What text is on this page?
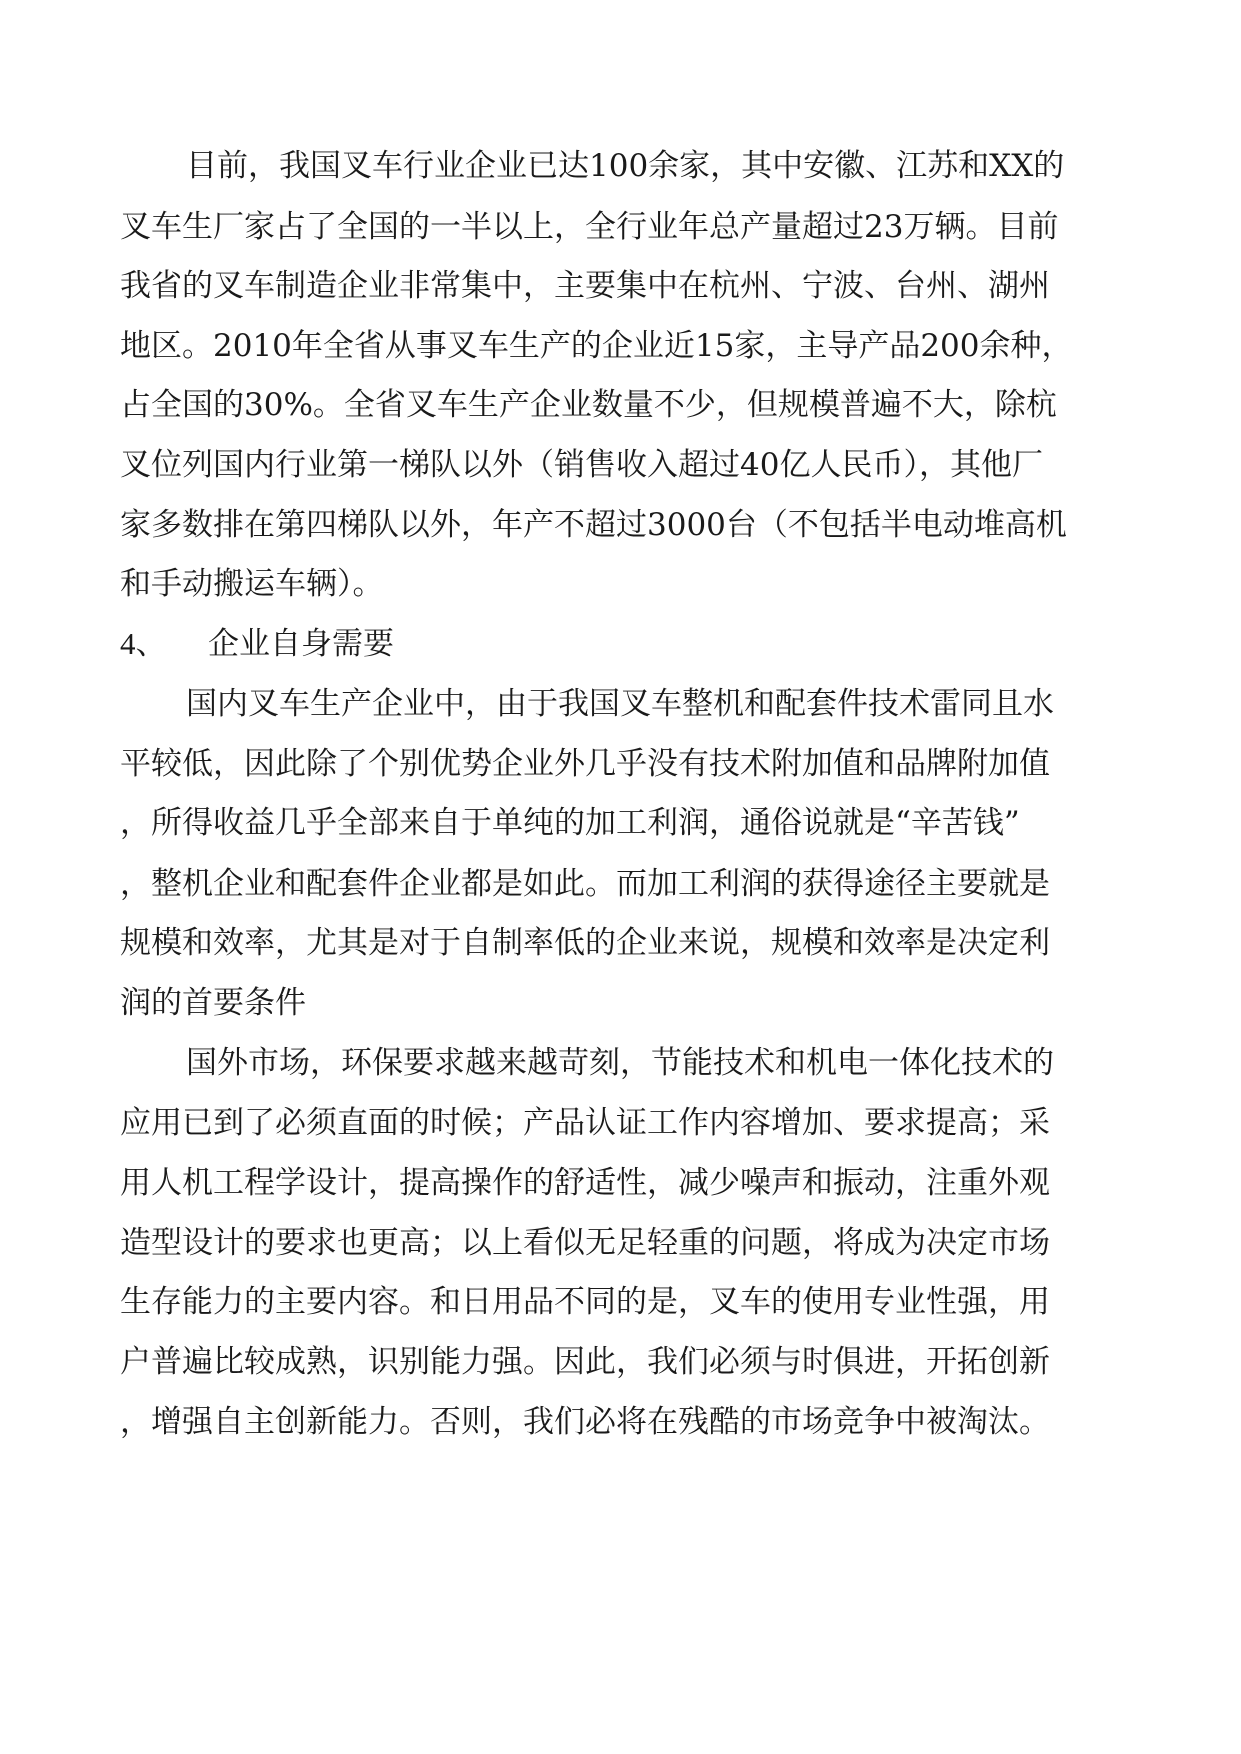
目前，我国叉车行业企业已达100余家，其中安徽、江苏和XX的
叉车生厂家占了全国的一半以上，全行业年总产量超过23万辆。目前
我省的叉车制造企业非常集中，主要集中在杭州、宁波、台州、湖州
地区。2010年全省从事叉车生产的企业近15家，主导产品200余种，
占全国的30%。全省叉车生产企业数量不少，但规模普遍不大，除杭
叉位列国内行业第一梯队以外（销售收入超过40亿人民币），其他厂
家多数排在第四梯队以外，年产不超过3000台（不包括半电动堆高机
和手动搬运车辆）。
4、 企业自身需要
国内叉车生产企业中，由于我国叉车整机和配套件技术雷同且水
平较低，因此除了个别优势企业外几乎没有技术附加值和品牌附加值
，所得收益几乎全部来自于单纯的加工利润，通俗说就是“辛苦钱”
，整机企业和配套件企业都是如此。而加工利润的获得途径主要就是
规模和效率，尤其是对于自制率低的企业来说，规模和效率是决定利
润的首要条件
国外市场，环保要求越来越苛刻，节能技术和机电一体化技术的
应用已到了必须直面的时候；产品认证工作内容增加、要求提高；采
用人机工程学设计，提高操作的舒适性，减少噪声和振动，注重外观
造型设计的要求也更高；以上看似无足轻重的问题，将成为决定市场
生存能力的主要内容。和日用品不同的是，叉车的使用专业性强，用
户普遍比较成熟，识别能力强。因此，我们必须与时俱进，开拓创新
，增强自主创新能力。否则，我们必将在残酷的市场竞争中被淘汰。
